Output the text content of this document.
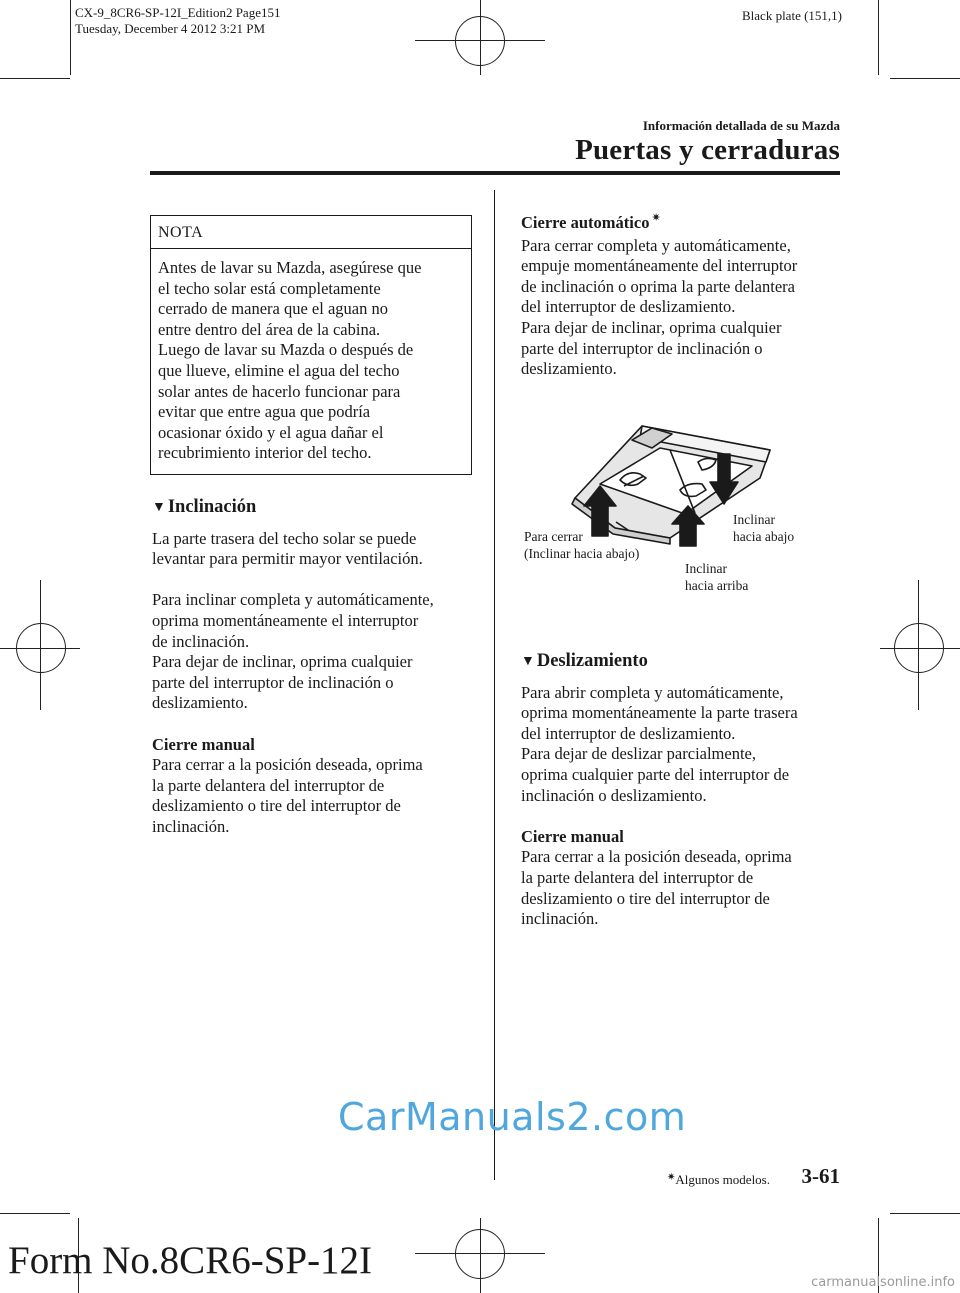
CX-9_8CR6-SP-12I_Edition2 Page151
Tuesday, December 4 2012 3:21 PM
Black plate (151,1)
Información detallada de su Mazda
Puertas y cerraduras
NOTA
Antes de lavar su Mazda, asegúrese que
el techo solar está completamente
cerrado de manera que el aguan no
entre dentro del área de la cabina.
Luego de lavar su Mazda o después de
que llueve, elimine el agua del techo
solar antes de hacerlo funcionar para
evitar que entre agua que podría
ocasionar óxido y el agua dañar el
recubrimiento interior del techo.

▼ Inclinación

La parte trasera del techo solar se puede
levantar para permitir mayor ventilación.

Para inclinar completa y automáticamente,
oprima momentáneamente el interruptor
de inclinación.
Para dejar de inclinar, oprima cualquier
parte del interruptor de inclinación o
deslizamiento.

Cierre manual
Para cerrar a la posición deseada, oprima
la parte delantera del interruptor de
deslizamiento o tire del interruptor de
inclinación.

Cierre automático ✷
Para cerrar completa y automáticamente,
empuje momentáneamente del interruptor
de inclinación o oprima la parte delantera
del interruptor de deslizamiento.
Para dejar de inclinar, oprima cualquier
parte del interruptor de inclinación o
deslizamiento.

Para cerrar
(Inclinar hacia abajo)
Inclinar
hacia abajo
Inclinar
hacia arriba

▼ Deslizamiento

Para abrir completa y automáticamente,
oprima momentáneamente la parte trasera
del interruptor de deslizamiento.
Para dejar de deslizar parcialmente,
oprima cualquier parte del interruptor de
inclinación o deslizamiento.

Cierre manual
Para cerrar a la posición deseada, oprima
la parte delantera del interruptor de
deslizamiento o tire del interruptor de
inclinación.

✷Algunos modelos. 3-61
CarManuals2.com
Form No.8CR6-SP-12I
carmanualsonline.info
